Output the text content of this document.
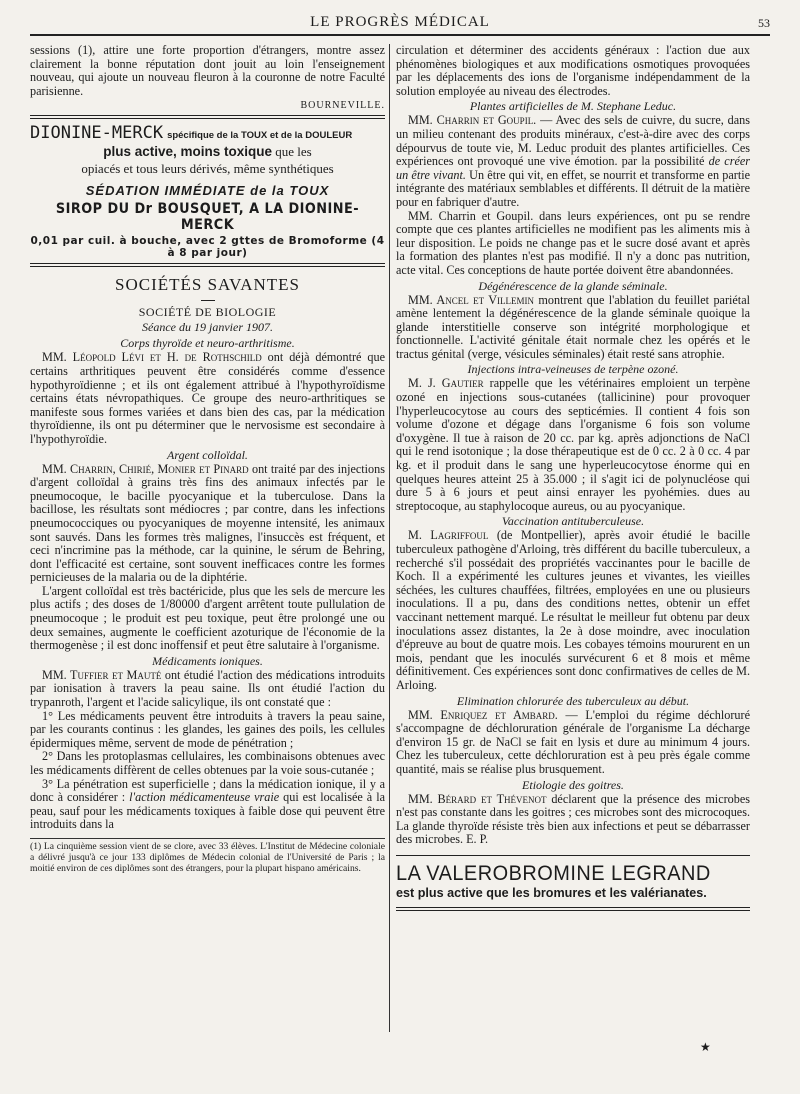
LE PROGRÈS MÉDICAL	53

sessions (1), attire une forte proportion d'étrangers, montre assez clairement la bonne réputation dont jouit au loin l'enseignement nouveau, qui ajoute un nouveau fleuron à la couronne de notre Faculté parisienne.

BOURNEVILLE.
DIONINE-MERCK spécifique de la TOUX et de la DOULEUR
plus active, moins toxique que les
opiacés et tous leurs dérivés, même synthétiques
SÉDATION IMMÉDIATE de la TOUX
SIROP DU Dr BOUSQUET, A LA DIONINE-MERCK
0,01 par cuil. à bouche, avec 2 gttes de Bromoforme (4 à 8 par jour)
SOCIÉTÉS SAVANTES
SOCIÉTÉ DE BIOLOGIE
Séance du 19 janvier 1907.
Corps thyroïde et neuro-arthritisme.

MM. Léopold Lévi et H. de Rothschild ont déjà démontré que certains arthritiques peuvent être considérés comme d'essence hypothyroïdienne ; et ils ont également attribué à l'hypothyroïdisme certains états névropathiques. Ce groupe des neuro-arthritiques se manifeste sous formes variées et dans bien des cas, par la médication thyroïdienne, ils ont pu déterminer que le nervosisme est secondaire à l'hypothyroïdie.

Argent colloïdal.

MM. Charrin, Chirié, Monier et Pinard ont traité par des injections d'argent colloïdal à grains très fins des animaux infectés par le pneumocoque, le bacille pyocyanique et la tuberculose. Dans la bacillose, les résultats sont médiocres ; par contre, dans les infections pneumococciques ou pyocyaniques de moyenne intensité, les animaux sont sauvés. Dans les formes très malignes, l'insuccès est fréquent, et ceci n'incrimine pas la méthode, car la quinine, le sérum de Behring, dont l'efficacité est certaine, sont souvent inefficaces contre les formes pernicieuses de la malaria ou de la diphtérie.

L'argent colloïdal est très bactéricide, plus que les sels de mercure les plus actifs ; des doses de 1/80000 d'argent arrêtent toute pullulation de pneumocoque ; le produit est peu toxique, peut être prolongé une ou deux semaines, augmente le coefficient azoturique de l'économie de la thermogenèse ; il est donc inoffensif et peut être salutaire à l'organisme.

Médicaments ioniques.

MM. Tuffier et Mauté ont étudié l'action des médications introduits par ionisation à travers la peau saine. Ils ont étudié l'action du trypanroth, l'argent et l'acide salicylique, ils ont constaté que :

1° Les médicaments peuvent être introduits à travers la peau saine, par les courants continus : les glandes, les gaines des poils, les cellules épidermiques même, servent de mode de pénétration ;

2° Dans les protoplasmas cellulaires, les combinaisons obtenues avec les médicaments diffèrent de celles obtenues par la voie sous-cutanée ;

3° La pénétration est superficielle ; dans la médication ionique, il y a donc à considérer : l'action médicamenteuse vraie qui est localisée à la peau, sauf pour les médicaments toxiques à faible dose qui peuvent être introduits dans la

(1) La cinquième session vient de se clore, avec 33 élèves. L'Institut de Médecine coloniale a délivré jusqu'à ce jour 133 diplômes de Médecin colonial de l'Université de Paris ; la moitié environ de ces diplômes sont des étrangers, pour la plupart hispano américains.

circulation et déterminer des accidents généraux : l'action due aux phénomènes biologiques et aux modifications osmotiques provoquées par les déplacements des ions de l'organisme indépendamment de la solution employée au niveau des électrodes.

Plantes artificielles de M. Stephane Leduc.

MM. Charrin et Goupil. — Avec des sels de cuivre, du sucre, dans un milieu contenant des produits minéraux, c'est-à-dire avec des corps dépourvus de toute vie, M. Leduc produit des plantes artificielles. Ces expériences ont provoqué une vive émotion. par la possibilité de créer un être vivant. Un être qui vit, en effet, se nourrit et transforme en partie intégrante des matériaux semblables et différents. Il détruit de la matière pour en fabriquer d'autre.

MM. Charrin et Goupil. dans leurs expériences, ont pu se rendre compte que ces plantes artificielles ne modifient pas les aliments mis à leur disposition. Le poids ne change pas et le sucre dosé avant et après la formation des plantes n'est pas modifié. Il n'y a donc pas nutrition, acte vital. Ces conceptions de haute portée doivent être abandonnées.

Dégénérescence de la glande séminale.

MM. Ancel et Villemin montrent que l'ablation du feuillet pariétal amène lentement la dégénérescence de la glande séminale quoique la glande interstitielle conserve son intégrité morphologique et fonctionnelle. L'activité génitale était normale chez les opérés et le tractus génital (verge, vésicules séminales) était resté sans atrophie.

Injections intra-veineuses de terpène ozoné.

M. J. Gautier rappelle que les vétérinaires emploient un terpène ozoné en injections sous-cutanées (tallicinine) pour provoquer l'hyperleucocytose au cours des septicémies. Il contient 4 fois son volume d'ozone et dégage dans l'organisme 6 fois son volume d'oxygène. Il tue à raison de 20 cc. par kg. après adjonctions de NaCl qui le rend isotonique ; la dose thérapeutique est de 0 cc. 2 à 0 cc. 4 par kg. et il produit dans le sang une hyperleucocytose énorme qui en quelques heures atteint 25 à 35.000 ; il s'agit ici de polynucléose qui dure 5 à 6 jours et peut ainsi enrayer les pyohémies. dues au streptocoque, au staphylocoque aureus, ou au pyocyanique.

Vaccination antituberculeuse.

M. Lagriffoul (de Montpellier), après avoir étudié le bacille tuberculeux pathogène d'Arloing, très différent du bacille tuberculeux, a recherché s'il possédait des propriétés vaccinantes pour le bacille de Koch. Il a expérimenté les cultures jeunes et vivantes, les vieilles séchées, les cultures chauffées, filtrées, employées en une ou plusieurs inoculations. Il a pu, dans des conditions nettes, obtenir un effet vaccinant nettement marqué. Le résultat le meilleur fut obtenu par deux inoculations assez distantes, la 2e à dose moindre, avec inoculation d'épreuve au bout de quatre mois. Les cobayes témoins moururent en un mois, pendant que les inoculés survécurent 6 et 8 mois et même définitivement. Ces expériences sont donc confirmatives de celles de M. Arloing.

Elimination chlorurée des tuberculeux au début.

MM. Enriquez et Ambard. — L'emploi du régime déchloruré s'accompagne de déchloruration générale de l'organisme La décharge d'environ 15 gr. de NaCl se fait en lysis et dure au minimum 4 jours. Chez les tuberculeux, cette déchloruration est à peu près égale comme quantité, mais se réalise plus brusquement.

Etiologie des goitres.

MM. Bérard et Thévenot déclarent que la présence des microbes n'est pas constante dans les goitres ; ces microbes sont des microcoques. La glande thyroïde résiste très bien aux infections et peut se débarrasser des microbes. E. P.

LA VALEROBROMINE LEGRAND
est plus active que les bromures et les valérianates.
★
